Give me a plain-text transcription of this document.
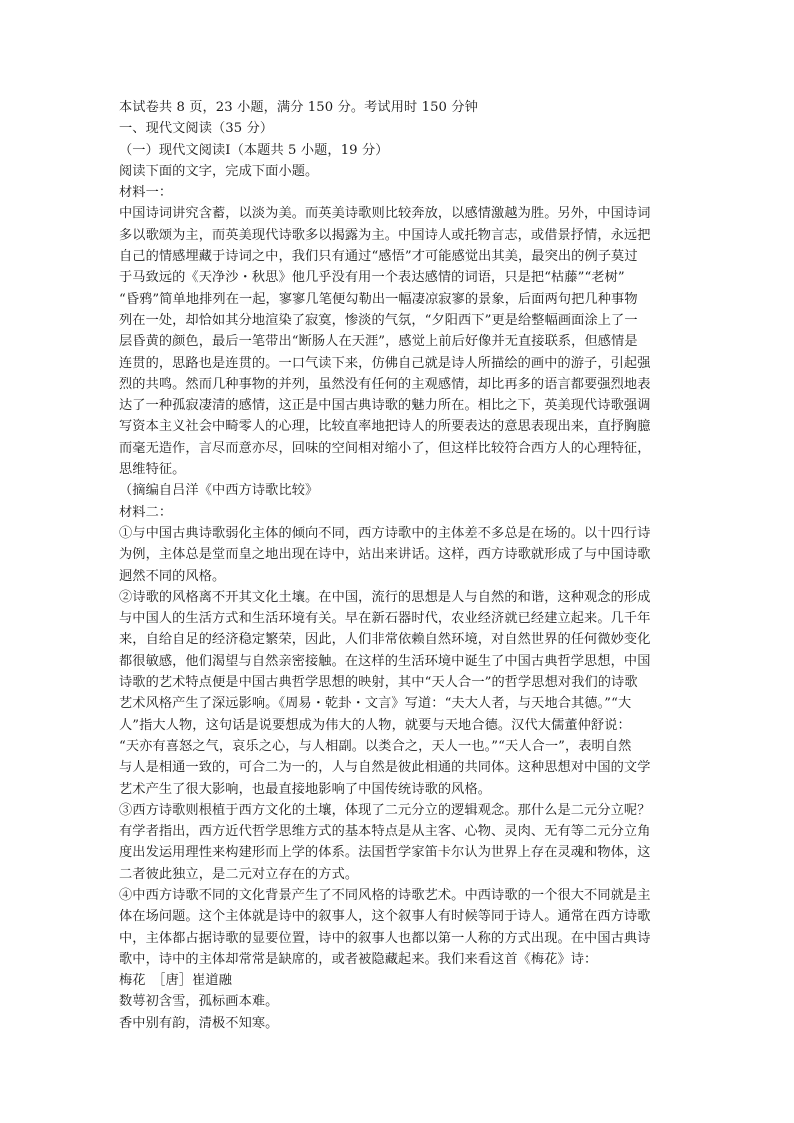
本试卷共 8 页，23 小题，满分 150 分。考试用时 150 分钟
一、现代文阅读（35 分）
（一）现代文阅读Ⅰ（本题共 5 小题，19 分）
阅读下面的文字，完成下面小题。
材料一：
中国诗词讲究含蓄，以淡为美。而英美诗歌则比较奔放，以感情激越为胜。另外，中国诗词
多以歌颂为主，而英美现代诗歌多以揭露为主。中国诗人或托物言志，或借景抒情，永远把
自己的情感埋藏于诗词之中，我们只有通过“感悟”才可能感觉出其美，最突出的例子莫过
于马致远的《天净沙・秋思》他几乎没有用一个表达感情的词语，只是把“枯藤”“老树”
“昏鸦”简单地排列在一起，寥寥几笔便勾勒出一幅凄凉寂寥的景象，后面两句把几种事物
列在一处，却恰如其分地渲染了寂寞，惨淡的气氛，“夕阳西下”更是给整幅画面涂上了一
层昏黄的颜色，最后一笔带出“断肠人在天涯”，感觉上前后好像并无直接联系，但感情是
连贯的，思路也是连贯的。一口气读下来，仿佛自己就是诗人所描绘的画中的游子，引起强
烈的共鸣。然而几种事物的并列，虽然没有任何的主观感情，却比再多的语言都要强烈地表
达了一种孤寂凄清的感情，这正是中国古典诗歌的魅力所在。相比之下，英美现代诗歌强调
写资本主义社会中畸零人的心理，比较直率地把诗人的所要表达的意思表现出来，直抒胸臆
而毫无造作，言尽而意亦尽，回味的空间相对缩小了，但这样比较符合西方人的心理特征，
思维特征。
（摘编自吕洋《中西方诗歌比较》
材料二：
①与中国古典诗歌弱化主体的倾向不同，西方诗歌中的主体差不多总是在场的。以十四行诗
为例，主体总是堂而皇之地出现在诗中，站出来讲话。这样，西方诗歌就形成了与中国诗歌
迥然不同的风格。
②诗歌的风格离不开其文化土壤。在中国，流行的思想是人与自然的和谐，这种观念的形成
与中国人的生活方式和生活环境有关。早在新石器时代，农业经济就已经建立起来。几千年
来，自给自足的经济稳定繁荣，因此，人们非常依赖自然环境，对自然世界的任何微妙变化
都很敏感，他们渴望与自然亲密接触。在这样的生活环境中诞生了中国古典哲学思想，中国
诗歌的艺术特点便是中国古典哲学思想的映射，其中“天人合一”的哲学思想对我们的诗歌
艺术风格产生了深远影响。《周易・乾卦・文言》写道：“夫大人者，与天地合其德。”“大
人”指大人物，这句话是说要想成为伟大的人物，就要与天地合德。汉代大儒董仲舒说：
“天亦有喜怒之气，哀乐之心，与人相副。以类合之，天人一也。”“天人合一”，表明自然
与人是相通一致的，可合二为一的，人与自然是彼此相通的共同体。这种思想对中国的文学
艺术产生了很大影响，也最直接地影响了中国传统诗歌的风格。
③西方诗歌则根植于西方文化的土壤，体现了二元分立的逻辑观念。那什么是二元分立呢？
有学者指出，西方近代哲学思维方式的基本特点是从主客、心物、灵肉、无有等二元分立角
度出发运用理性来构建形而上学的体系。法国哲学家笛卡尔认为世界上存在灵魂和物体，这
二者彼此独立，是二元对立存在的方式。
④中西方诗歌不同的文化背景产生了不同风格的诗歌艺术。中西诗歌的一个很大不同就是主
体在场问题。这个主体就是诗中的叙事人，这个叙事人有时候等同于诗人。通常在西方诗歌
中，主体都占据诗歌的显要位置，诗中的叙事人也都以第一人称的方式出现。在中国古典诗
歌中，诗中的主体却常常是缺席的，或者被隐藏起来。我们来看这首《梅花》诗：
梅花　［唐］崔道融
数萼初含雪，孤标画本难。
香中别有韵，清极不知寒。
